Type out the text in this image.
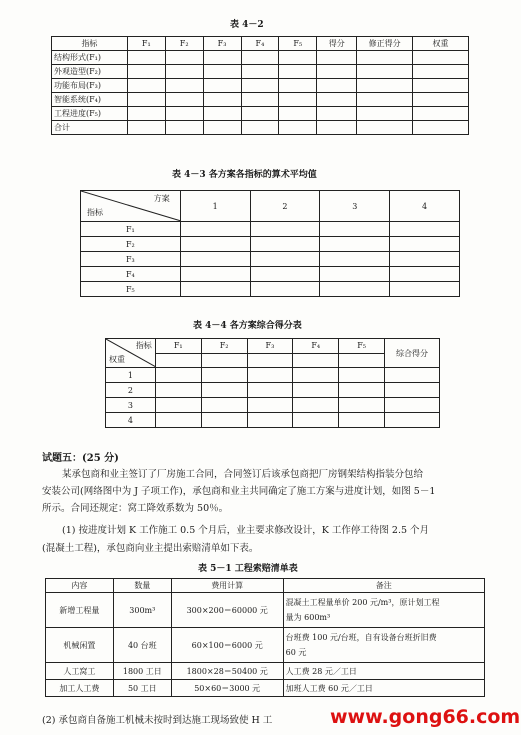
表 4－2
指标	F₁	F₂	F₃	F₄	F₅	得分	修正得分	权重
结构形式(F₁)								
外观造型(F₂)								
功能布局(F₃)								
智能系统(F₄)								
工程进度(F₅)								
合计								
表 4－3 各方案各指标的算术平均值
方案
指标	1	2	3	4
F₁				
F₂				
F₃				
F₄				
F₅				
表 4－4 各方案综合得分表
指标
权重	F₁	F₂	F₃	F₄	F₅	综合得分

1						
2						
3						
4						
试题五：(25 分)
某承包商和业主签订了厂房施工合同，合同签订后该承包商把厂房钢架结构指装分包给
安装公司(网络图中为 J 子项工作)，承包商和业主共同确定了施工方案与进度计划，如图 5－1
所示。合同还规定：窝工降效系数为 50％。
(1) 按进度计划 K 工作施工 0.5 个月后，业主要求修改设计，K 工作停工待图 2.5 个月
(混凝土工程)，承包商向业主提出索赔清单如下表。
表 5－1 工程索赔清单表
内容	数量	费用计算	备注
新增工程量	300m³	300×200＝60000 元	混凝土工程量单价 200 元/m³，原计划工程
量为 600m³

机械闲置	40 台班	60×100＝6000 元	台班费 100 元/台班，自有设备台班折旧费
60 元

人工窝工	1800 工日	1800×28＝50400 元	人工费 28 元／工日
加工人工费	50 工日	50×60＝3000 元	加班人工费 60 元／工日
(2) 承包商自备施工机械未按时到达施工现场致使 H 工	www.gong66.com
